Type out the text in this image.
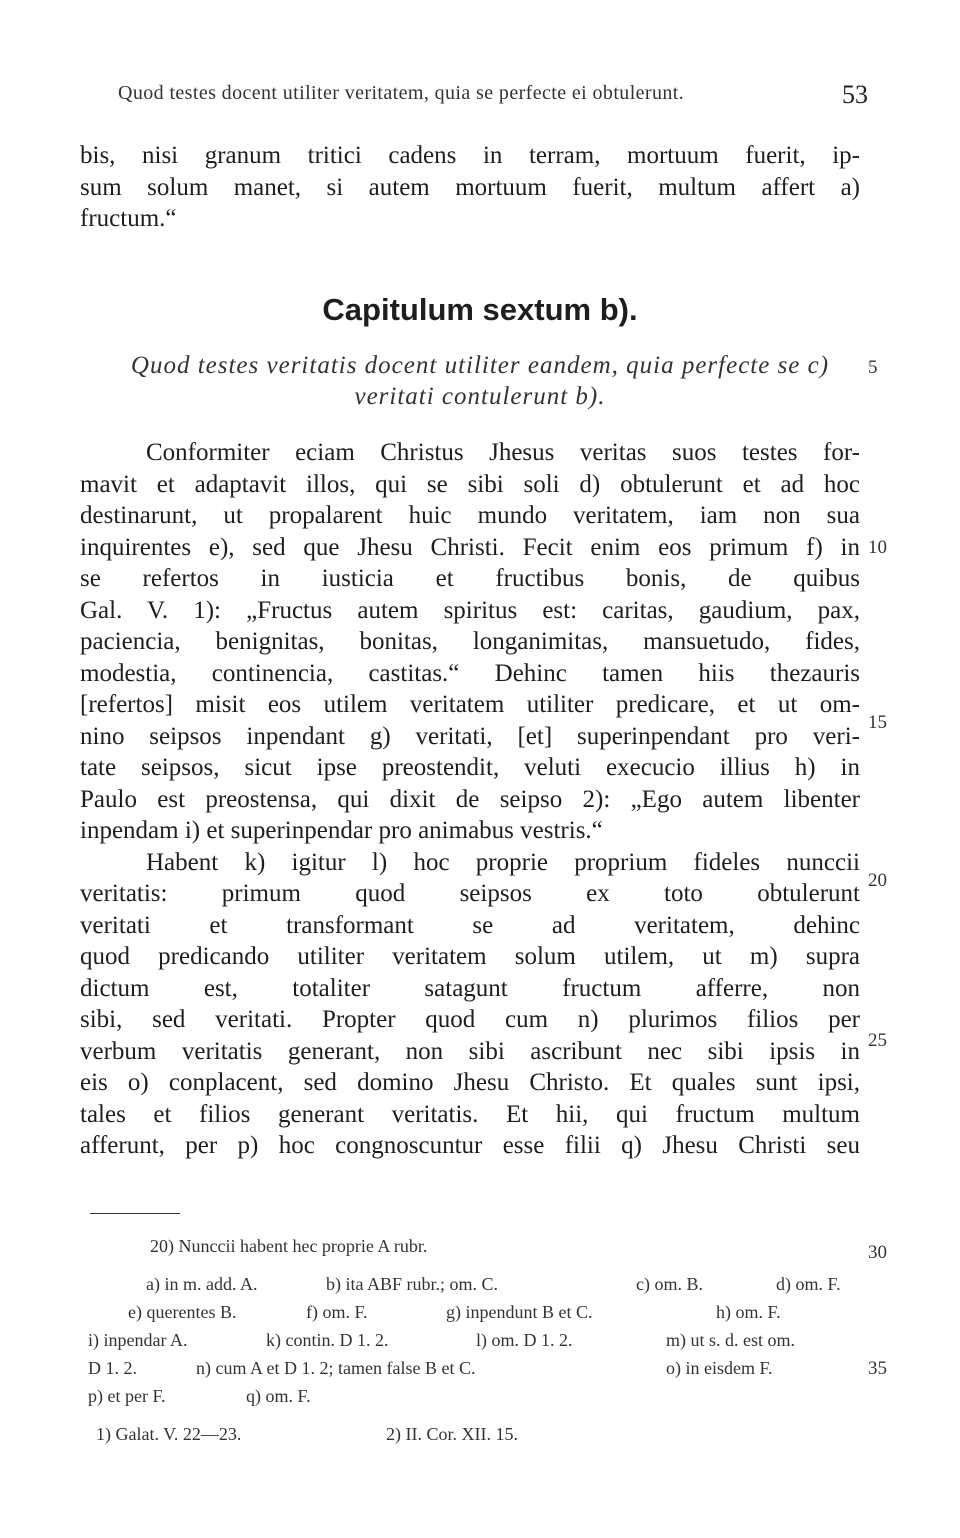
Quod testes docent utiliter veritatem, quia se perfecte ei obtulerunt.	53
bis, nisi granum tritici cadens in terram, mortuum fuerit, ip-
sum solum manet, si autem mortuum fuerit, multum affert a)
fructum.“
Capitulum sextum b).
Quod testes veritatis docent utiliter eandem, quia perfecte se c)
veritati contulerunt b).
Conformiter eciam Christus Jhesus veritas suos testes for-
mavit et adaptavit illos, qui se sibi soli d) obtulerunt et ad hoc
destinarunt, ut propalarent huic mundo veritatem, iam non sua
inquirentes e), sed que Jhesu Christi. Fecit enim eos primum f) in
se refertos in iusticia et fructibus bonis, de quibus
Gal. V. 1): „Fructus autem spiritus est: caritas, gaudium, pax,
paciencia, benignitas, bonitas, longanimitas, mansuetudo, fides,
modestia, continencia, castitas.“ Dehinc tamen hiis thezauris
[refertos] misit eos utilem veritatem utiliter predicare, et ut om-
nino seipsos inpendant g) veritati, [et] superinpendant pro veri-
tate seipsos, sicut ipse preostendit, veluti execucio illius h) in
Paulo est preostensa, qui dixit de seipso 2): „Ego autem libenter
inpendam i) et superinpendar pro animabus vestris.“
Habent k) igitur l) hoc proprie proprium fideles nunccii
veritatis: primum quod seipsos ex toto obtulerunt
veritati et transformant se ad veritatem, dehinc
quod predicando utiliter veritatem solum utilem, ut m) supra
dictum est, totaliter satagunt fructum afferre, non
sibi, sed veritati. Propter quod cum n) plurimos filios per
verbum veritatis generant, non sibi ascribunt nec sibi ipsis in
eis o) conplacent, sed domino Jhesu Christo. Et quales sunt ipsi,
tales et filios generant veritatis. Et hii, qui fructum multum
afferunt, per p) hoc congnoscuntur esse filii q) Jhesu Christi seu
5
10
15
20
25
30
35
20) Nunccii habent hec proprie A rubr.
a) in m. add. A.	b) ita ABF rubr.; om. C.	c) om. B.	d) om. F.
e) querentes B.	f) om. F.	g) inpendunt B et C.	h) om. F.
i) inpendar A.	k) contin. D 1. 2.	l) om. D 1. 2.	m) ut s. d. est om.
D 1. 2.	n) cum A et D 1. 2; tamen false B et C.	o) in eisdem F.
p) et per F.	q) om. F.
1) Galat. V. 22—23.	2) II. Cor. XII. 15.
